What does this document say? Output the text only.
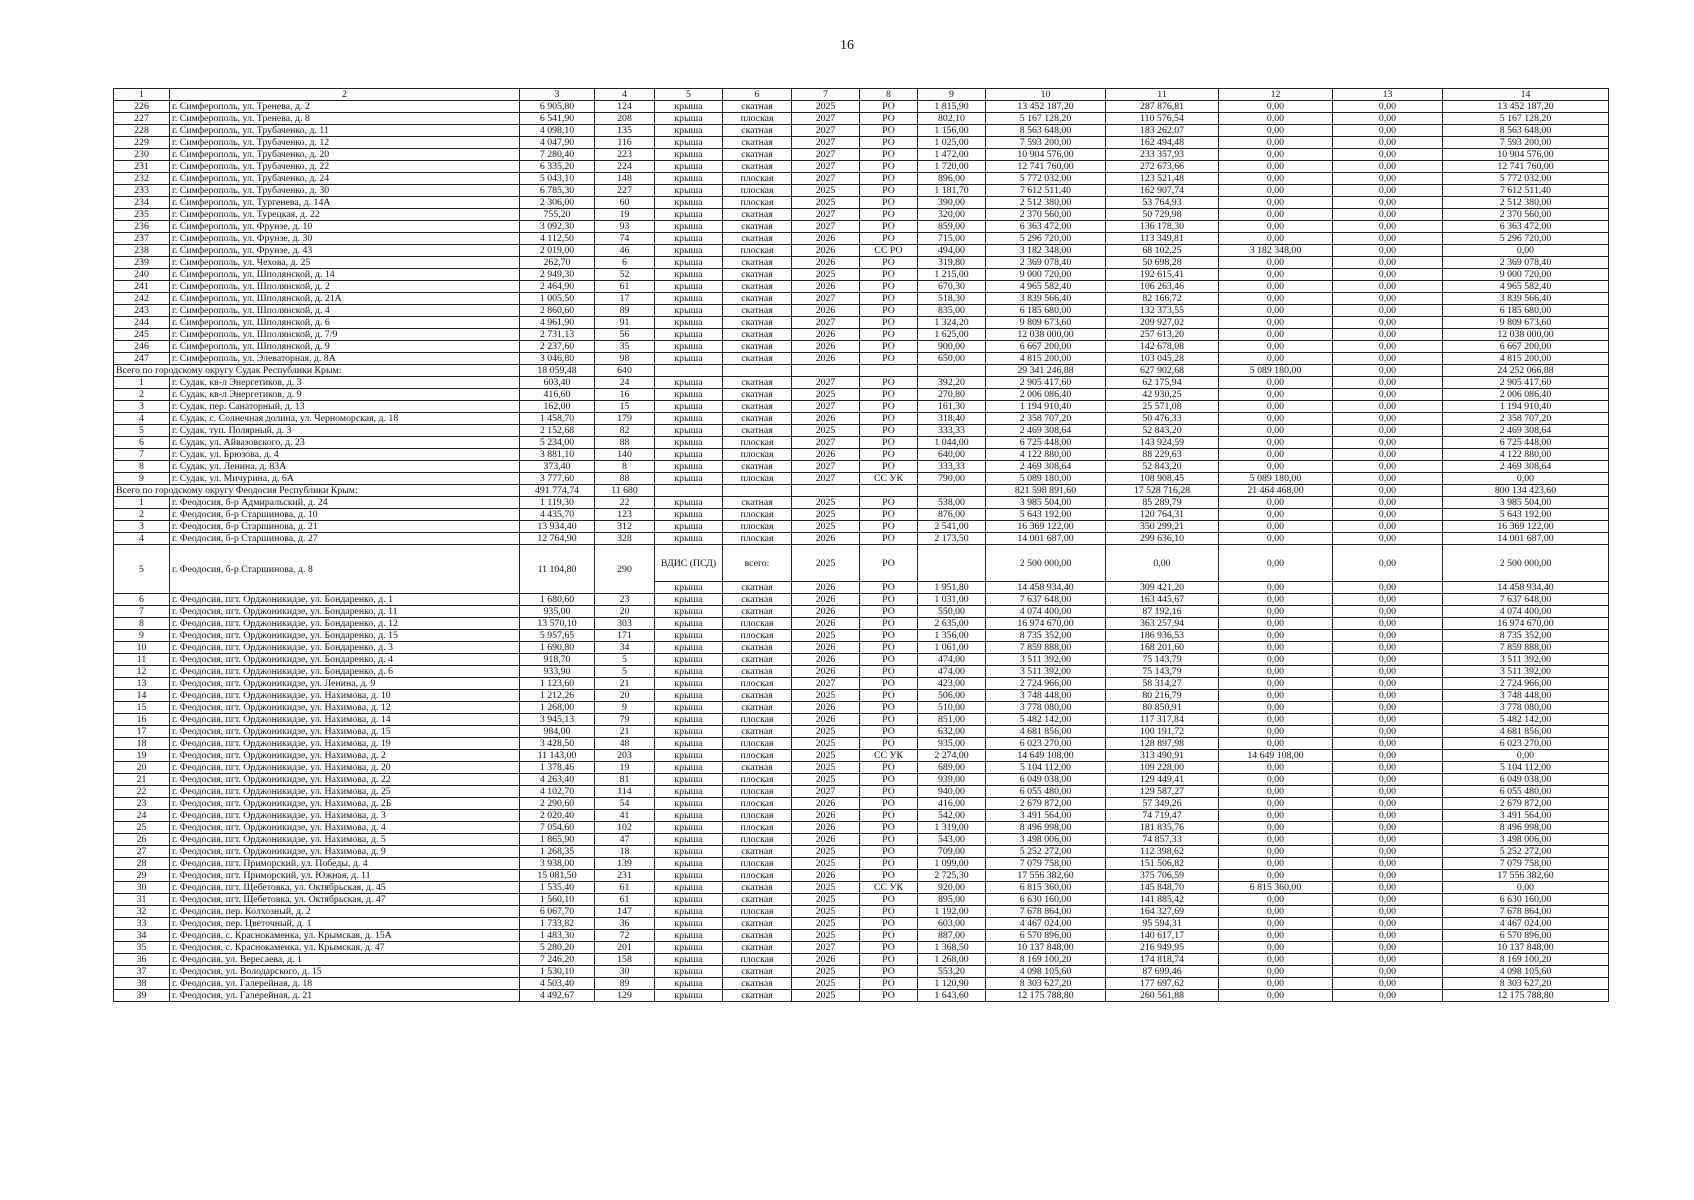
16
1	2	3	4	5	6	7	8	9	10	11	12	13	14
226	г. Симферополь, ул. Тренева, д. 2	6 905,80	124	крыша	скатная	2025	РО	1 815,90	13 452 187,20	287 876,81	0,00	0,00	13 452 187,20
227	г. Симферополь, ул. Тренева, д. 8	6 541,90	208	крыша	плоская	2027	РО	802,10	5 167 128,20	110 576,54	0,00	0,00	5 167 128,20
228	г. Симферополь, ул. Трубаченко, д. 11	4 098,10	135	крыша	скатная	2027	РО	1 156,00	8 563 648,00	183 262,07	0,00	0,00	8 563 648,00
229	г. Симферополь, ул. Трубаченко, д. 12	4 047,90	116	крыша	скатная	2027	РО	1 025,00	7 593 200,00	162 494,48	0,00	0,00	7 593 200,00
230	г. Симферополь, ул. Трубаченко, д. 20	7 280,40	223	крыша	скатная	2027	РО	1 472,00	10 904 576,00	233 357,93	0,00	0,00	10 904 576,00
231	г. Симферополь, ул. Трубаченко, д. 22	6 335,20	224	крыша	скатная	2027	РО	1 720,00	12 741 760,00	272 673,66	0,00	0,00	12 741 760,00
232	г. Симферополь, ул. Трубаченко, д. 24	5 043,10	148	крыша	плоская	2027	РО	896,00	5 772 032,00	123 521,48	0,00	0,00	5 772 032,00
233	г. Симферополь, ул. Трубаченко, д. 30	6 785,30	227	крыша	плоская	2025	РО	1 181,70	7 612 511,40	162 907,74	0,00	0,00	7 612 511,40
234	г. Симферополь, ул. Тургенева, д. 14А	2 306,00	60	крыша	плоская	2025	РО	390,00	2 512 380,00	53 764,93	0,00	0,00	2 512 380,00
235	г. Симферополь, ул. Турецкая, д. 22	755,20	19	крыша	скатная	2027	РО	320,00	2 370 560,00	50 729,98	0,00	0,00	2 370 560,00
236	г. Симферополь, ул. Фрунзе, д. 10	3 092,30	93	крыша	скатная	2027	РО	859,00	6 363 472,00	136 178,30	0,00	0,00	6 363 472,00
237	г. Симферополь, ул. Фрунзе, д. 30	4 112,50	74	крыша	скатная	2026	РО	715,00	5 296 720,00	113 349,81	0,00	0,00	5 296 720,00
238	г. Симферополь, ул. Фрунзе, д. 43	2 019,00	46	крыша	плоская	2026	СС РО	494,00	3 182 348,00	68 102,25	3 182 348,00	0,00	0,00
239	г. Симферополь, ул. Чехова, д. 25	262,70	6	крыша	скатная	2026	РО	319,80	2 369 078,40	50 698,28	0,00	0,00	2 369 078,40
240	г. Симферополь, ул. Шполянской, д. 14	2 949,30	52	крыша	скатная	2025	РО	1 215,00	9 000 720,00	192 615,41	0,00	0,00	9 000 720,00
241	г. Симферополь, ул. Шполянской, д. 2	2 464,90	61	крыша	скатная	2026	РО	670,30	4 965 582,40	106 263,46	0,00	0,00	4 965 582,40
242	г. Симферополь, ул. Шполянской, д. 21А	1 005,50	17	крыша	скатная	2027	РО	518,30	3 839 566,40	82 166,72	0,00	0,00	3 839 566,40
243	г. Симферополь, ул. Шполянской, д. 4	2 860,60	89	крыша	скатная	2026	РО	835,00	6 185 680,00	132 373,55	0,00	0,00	6 185 680,00
244	г. Симферополь, ул. Шполянской, д. 6	4 961,90	91	крыша	скатная	2027	РО	1 324,20	9 809 673,60	209 927,02	0,00	0,00	9 809 673,60
245	г. Симферополь, ул. Шполянской, д. 7/9	2 731,13	56	крыша	скатная	2026	РО	1 625,00	12 038 000,00	257 613,20	0,00	0,00	12 038 000,00
246	г. Симферополь, ул. Шполянской, д. 9	2 237,60	35	крыша	скатная	2026	РО	900,00	6 667 200,00	142 678,08	0,00	0,00	6 667 200,00
247	г. Симферополь, ул. Элеваторная, д. 8А	3 046,80	98	крыша	скатная	2026	РО	650,00	4 815 200,00	103 045,28	0,00	0,00	4 815 200,00
Всего по городскому округу Судак Республики Крым:		18 059,48	640						29 341 246,88	627 902,68	5 089 180,00	0,00	24 252 066,88
1	г. Судак, кв-л Энергетиков, д. 3	603,40	24	крыша	скатная	2027	РО	392,20	2 905 417,60	62 175,94	0,00	0,00	2 905 417,60
2	г. Судак, кв-л Энергетиков, д. 9	416,60	16	крыша	скатная	2025	РО	270,80	2 006 086,40	42 930,25	0,00	0,00	2 006 086,40
3	г. Судак, пер. Санаторный, д. 13	162,00	15	крыша	скатная	2027	РО	161,30	1 194 910,40	25 571,08	0,00	0,00	1 194 910,40
4	г. Судак, с. Солнечная долина, ул. Черноморская, д. 18	1 458,70	179	крыша	скатная	2026	РО	318,40	2 358 707,20	50 476,33	0,00	0,00	2 358 707,20
5	г. Судак, туп. Полярный, д. 3	2 152,68	82	крыша	скатная	2025	РО	333,33	2 469 308,64	52 843,20	0,00	0,00	2 469 308,64
6	г. Судак, ул. Айвазовского, д. 23	5 234,00	88	крыша	плоская	2027	РО	1 044,00	6 725 448,00	143 924,59	0,00	0,00	6 725 448,00
7	г. Судак, ул. Брюзова, д. 4	3 881,10	140	крыша	плоская	2026	РО	640,00	4 122 880,00	88 229,63	0,00	0,00	4 122 880,00
8	г. Судак, ул. Ленина, д. 83А	373,40	8	крыша	скатная	2027	РО	333,33	2 469 308,64	52 843,20	0,00	0,00	2 469 308,64
9	г. Судак, ул. Мичурина, д. 6А	3 777,60	88	крыша	плоская	2027	СС УК	790,00	5 089 180,00	108 908,45	5 089 180,00	0,00	0,00
Всего по городскому округу Феодосия Республики Крым:		491 774,74	11 680						821 598 891,60	17 528 716,28	21 464 468,00	0,00	800 134 423,60
1	г. Феодосия, б-р Адмиральский, д. 24	1 119,30	22	крыша	скатная	2025	РО	538,00	3 985 504,00	85 289,79	0,00	0,00	3 985 504,00
2	г. Феодосия, б-р Старшинова, д. 10	4 435,70	123	крыша	плоская	2025	РО	876,00	5 643 192,00	120 764,31	0,00	0,00	5 643 192,00
3	г. Феодосия, б-р Старшинова, д. 21	13 934,40	312	крыша	плоская	2025	РО	2 541,00	16 369 122,00	350 299,21	0,00	0,00	16 369 122,00
4	г. Феодосия, б-р Старшинова, д. 27	12 764,90	328	крыша	плоская	2026	РО	2 173,50	14 001 687,00	299 636,10	0,00	0,00	14 001 687,00
5	г. Феодосия, б-р Старшинова, д. 8	11 104,80	290	ВДИС (ПСД)	всего:	2025	РО		2 500 000,00	0,00	0,00	0,00	2 500 000,00
				крыша	скатная	2026	РО	1 951,80	14 458 934,40	309 421,20	0,00	0,00	14 458 934,40
6	г. Феодосия, пгт. Орджоникидзе, ул. Бондаренко, д. 1	1 680,60	23	крыша	скатная	2026	РО	1 031,00	7 637 648,00	163 445,67	0,00	0,00	7 637 648,00
7	г. Феодосия, пгт. Орджоникидзе, ул. Бондаренко, д. 11	935,00	20	крыша	скатная	2026	РО	550,00	4 074 400,00	87 192,16	0,00	0,00	4 074 400,00
8	г. Феодосия, пгт. Орджоникидзе, ул. Бондаренко, д. 12	13 570,10	303	крыша	плоская	2026	РО	2 635,00	16 974 670,00	363 257,94	0,00	0,00	16 974 670,00
9	г. Феодосия, пгт. Орджоникидзе, ул. Бондаренко, д. 15	5 957,65	171	крыша	плоская	2025	РО	1 356,00	8 735 352,00	186 936,53	0,00	0,00	8 735 352,00
10	г. Феодосия, пгт. Орджоникидзе, ул. Бондаренко, д. 3	1 690,80	34	крыша	скатная	2026	РО	1 061,00	7 859 888,00	168 201,60	0,00	0,00	7 859 888,00
11	г. Феодосия, пгт. Орджоникидзе, ул. Бондаренко, д. 4	918,70	5	крыша	скатная	2026	РО	474,00	3 511 392,00	75 143,79	0,00	0,00	3 511 392,00
12	г. Феодосия, пгт. Орджоникидзе, ул. Бондаренко, д. 6	933,90	5	крыша	скатная	2026	РО	474,00	3 511 392,00	75 143,79	0,00	0,00	3 511 392,00
13	г. Феодосия, пгт. Орджоникидзе, ул. Ленина, д. 9	1 123,60	21	крыша	плоская	2027	РО	423,00	2 724 966,00	58 314,27	0,00	0,00	2 724 966,00
14	г. Феодосия, пгт. Орджоникидзе, ул. Нахимова, д. 10	1 212,26	20	крыша	скатная	2025	РО	506,00	3 748 448,00	80 216,79	0,00	0,00	3 748 448,00
15	г. Феодосия, пгт. Орджоникидзе, ул. Нахимова, д. 12	1 268,00	9	крыша	скатная	2026	РО	510,00	3 778 080,00	80 850,91	0,00	0,00	3 778 080,00
16	г. Феодосия, пгт. Орджоникидзе, ул. Нахимова, д. 14	3 945,13	79	крыша	плоская	2026	РО	851,00	5 482 142,00	117 317,84	0,00	0,00	5 482 142,00
17	г. Феодосия, пгт. Орджоникидзе, ул. Нахимова, д. 15	984,00	21	крыша	скатная	2025	РО	632,00	4 681 856,00	100 191,72	0,00	0,00	4 681 856,00
18	г. Феодосия, пгт. Орджоникидзе, ул. Нахимова, д. 19	3 428,50	48	крыша	плоская	2025	РО	935,00	6 023 270,00	128 897,98	0,00	0,00	6 023 270,00
19	г. Феодосия, пгт. Орджоникидзе, ул. Нахимова, д. 2	11 143,00	203	крыша	плоская	2025	СС УК	2 274,00	14 649 108,00	313 490,91	14 649 108,00	0,00	0,00
20	г. Феодосия, пгт. Орджоникидзе, ул. Нахимова, д. 20	1 378,46	19	крыша	скатная	2025	РО	689,00	5 104 112,00	109 228,00	0,00	0,00	5 104 112,00
21	г. Феодосия, пгт. Орджоникидзе, ул. Нахимова, д. 22	4 263,40	81	крыша	плоская	2025	РО	939,00	6 049 038,00	129 449,41	0,00	0,00	6 049 038,00
22	г. Феодосия, пгт. Орджоникидзе, ул. Нахимова, д. 25	4 102,70	114	крыша	плоская	2027	РО	940,00	6 055 480,00	129 587,27	0,00	0,00	6 055 480,00
23	г. Феодосия, пгт. Орджоникидзе, ул. Нахимова, д. 2Б	2 290,60	54	крыша	плоская	2026	РО	416,00	2 679 872,00	57 349,26	0,00	0,00	2 679 872,00
24	г. Феодосия, пгт. Орджоникидзе, ул. Нахимова, д. 3	2 020,40	41	крыша	плоская	2026	РО	542,00	3 491 564,00	74 719,47	0,00	0,00	3 491 564,00
25	г. Феодосия, пгт. Орджоникидзе, ул. Нахимова, д. 4	7 054,60	102	крыша	плоская	2026	РО	1 319,00	8 496 998,00	181 835,76	0,00	0,00	8 496 998,00
26	г. Феодосия, пгт. Орджоникидзе, ул. Нахимова, д. 5	1 865,90	47	крыша	плоская	2026	РО	543,00	3 498 006,00	74 857,33	0,00	0,00	3 498 006,00
27	г. Феодосия, пгт. Орджоникидзе, ул. Нахимова, д. 9	1 268,35	18	крыша	скатная	2025	РО	709,00	5 252 272,00	112 398,62	0,00	0,00	5 252 272,00
28	г. Феодосия, пгт. Приморский, ул. Победы, д. 4	3 938,00	139	крыша	плоская	2025	РО	1 099,00	7 079 758,00	151 506,82	0,00	0,00	7 079 758,00
29	г. Феодосия, пгт. Приморский, ул. Южная, д. 11	15 081,50	231	крыша	плоская	2026	РО	2 725,30	17 556 382,60	375 706,59	0,00	0,00	17 556 382,60
30	г. Феодосия, пгт. Щебетовка, ул. Октябрьская, д. 45	1 535,40	61	крыша	скатная	2025	СС УК	920,00	6 815 360,00	145 848,70	6 815 360,00	0,00	0,00
31	г. Феодосия, пгт. Щебетовка, ул. Октябрьская, д. 47	1 560,10	61	крыша	скатная	2025	РО	895,00	6 630 160,00	141 885,42	0,00	0,00	6 630 160,00
32	г. Феодосия, пер. Колхозный, д. 2	6 067,70	147	крыша	плоская	2025	РО	1 192,00	7 678 864,00	164 327,69	0,00	0,00	7 678 864,00
33	г. Феодосия, пер. Цветочный, д. 1	1 733,82	36	крыша	скатная	2025	РО	603,00	4 467 024,00	95 594,31	0,00	0,00	4 467 024,00
34	г. Феодосия, с. Краснокаменка, ул. Крымская, д. 15А	1 483,30	72	крыша	скатная	2025	РО	887,00	6 570 896,00	140 617,17	0,00	0,00	6 570 896,00
35	г. Феодосия, с. Краснокаменка, ул. Крымская, д. 47	5 280,20	201	крыша	скатная	2027	РО	1 368,50	10 137 848,00	216 949,95	0,00	0,00	10 137 848,00
36	г. Феодосия, ул. Вересаева, д. 1	7 246,20	158	крыша	плоская	2026	РО	1 268,00	8 169 100,20	174 818,74	0,00	0,00	8 169 100,20
37	г. Феодосия, ул. Володарского, д. 15	1 530,10	30	крыша	скатная	2025	РО	553,20	4 098 105,60	87 699,46	0,00	0,00	4 098 105,60
38	г. Феодосия, ул. Галерейная, д. 18	4 503,40	89	крыша	скатная	2025	РО	1 120,90	8 303 627,20	177 697,62	0,00	0,00	8 303 627,20
39	г. Феодосия, ул. Галерейная, д. 21	4 492,67	129	крыша	скатная	2025	РО	1 643,60	12 175 788,80	260 561,88	0,00	0,00	12 175 788,80
